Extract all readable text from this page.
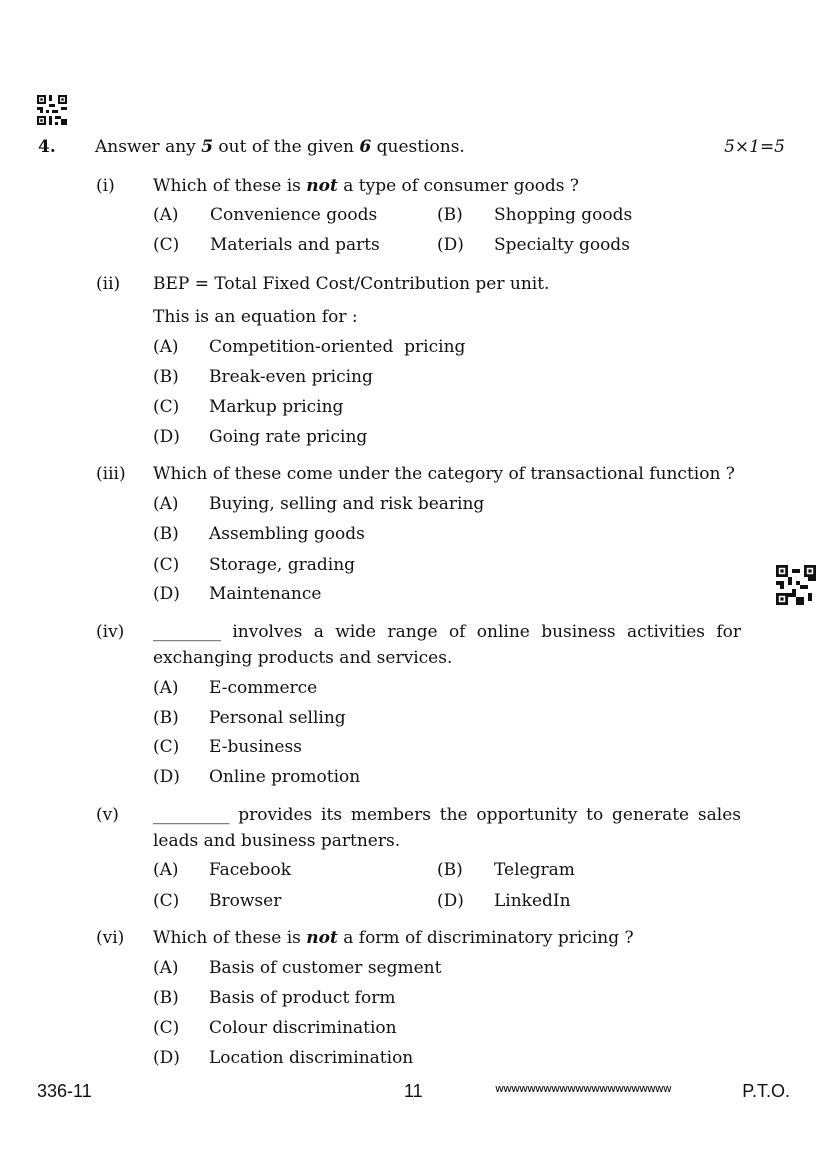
4. Answer any 5 out of the given 6 questions.	5×1=5
(i) Which of these is not a type of consumer goods ?
(A) Convenience goods	(B) Shopping goods
(C) Materials and parts	(D) Specialty goods
(ii) BEP = Total Fixed Cost/Contribution per unit.
This is an equation for :
(A) Competition-oriented  pricing
(B) Break-even pricing
(C) Markup pricing
(D) Going rate pricing
(iii) Which of these come under the category of transactional function ?
(A) Buying, selling and risk bearing
(B) Assembling goods
(C) Storage, grading
(D) Maintenance
(iv) ________ involves a wide range of online business activities for
exchanging products and services.
(A) E-commerce
(B) Personal selling
(C) E-business
(D) Online promotion
(v) _________ provides its members the opportunity to generate sales
leads and business partners.
(A) Facebook	(B) Telegram
(C) Browser	(D) LinkedIn
(vi) Which of these is not a form of discriminatory pricing ?
(A) Basis of customer segment
(B) Basis of product form
(C) Colour discrimination
(D) Location discrimination
336-11	11	wwwwwwwwwwwwwwwwwwwwww	P.T.O.
